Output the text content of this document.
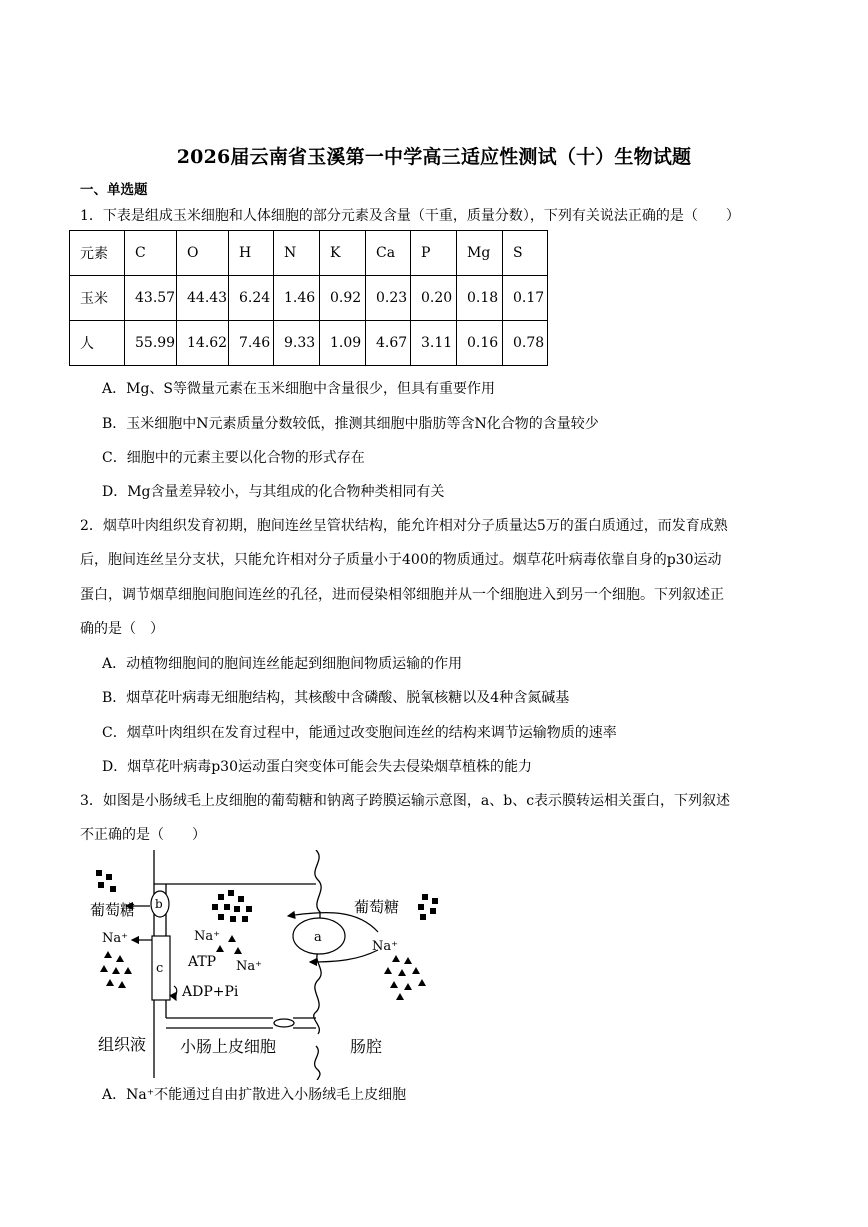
2026届云南省玉溪第一中学高三适应性测试（十）生物试题
一、单选题
1．下表是组成玉米细胞和人体细胞的部分元素及含量（干重，质量分数），下列有关说法正确的是（　　）
元素	C	O	H	N	K	Ca	P	Mg	S
玉米	43.57	44.43	6.24	1.46	0.92	0.23	0.20	0.18	0.17
人	55.99	14.62	7.46	9.33	1.09	4.67	3.11	0.16	0.78
A．Mg、S等微量元素在玉米细胞中含量很少，但具有重要作用
B．玉米细胞中N元素质量分数较低，推测其细胞中脂肪等含N化合物的含量较少
C．细胞中的元素主要以化合物的形式存在
D．Mg含量差异较小，与其组成的化合物种类相同有关
2．烟草叶肉组织发育初期，胞间连丝呈管状结构，能允许相对分子质量达5万的蛋白质通过，而发育成熟
后，胞间连丝呈分支状，只能允许相对分子质量小于400的物质通过。烟草花叶病毒依靠自身的p30运动
蛋白，调节烟草细胞间胞间连丝的孔径，进而侵染相邻细胞并从一个细胞进入到另一个细胞。下列叙述正
确的是（　）
A．动植物细胞间的胞间连丝能起到细胞间物质运输的作用
B．烟草花叶病毒无细胞结构，其核酸中含磷酸、脱氧核糖以及4种含氮碱基
C．烟草叶肉组织在发育过程中，能通过改变胞间连丝的结构来调节运输物质的速率
D．烟草花叶病毒p30运动蛋白突变体可能会失去侵染烟草植株的能力
3．如图是小肠绒毛上皮细胞的葡萄糖和钠离子跨膜运输示意图，a、b、c表示膜转运相关蛋白，下列叙述
不正确的是（　　）
c
b
a
葡萄糖	葡萄糖
Na⁺	Na⁺
Na⁺
Na⁺
ATP
ADP+Pi
组织液 小肠上皮细胞	肠腔
A．Na⁺不能通过自由扩散进入小肠绒毛上皮细胞
